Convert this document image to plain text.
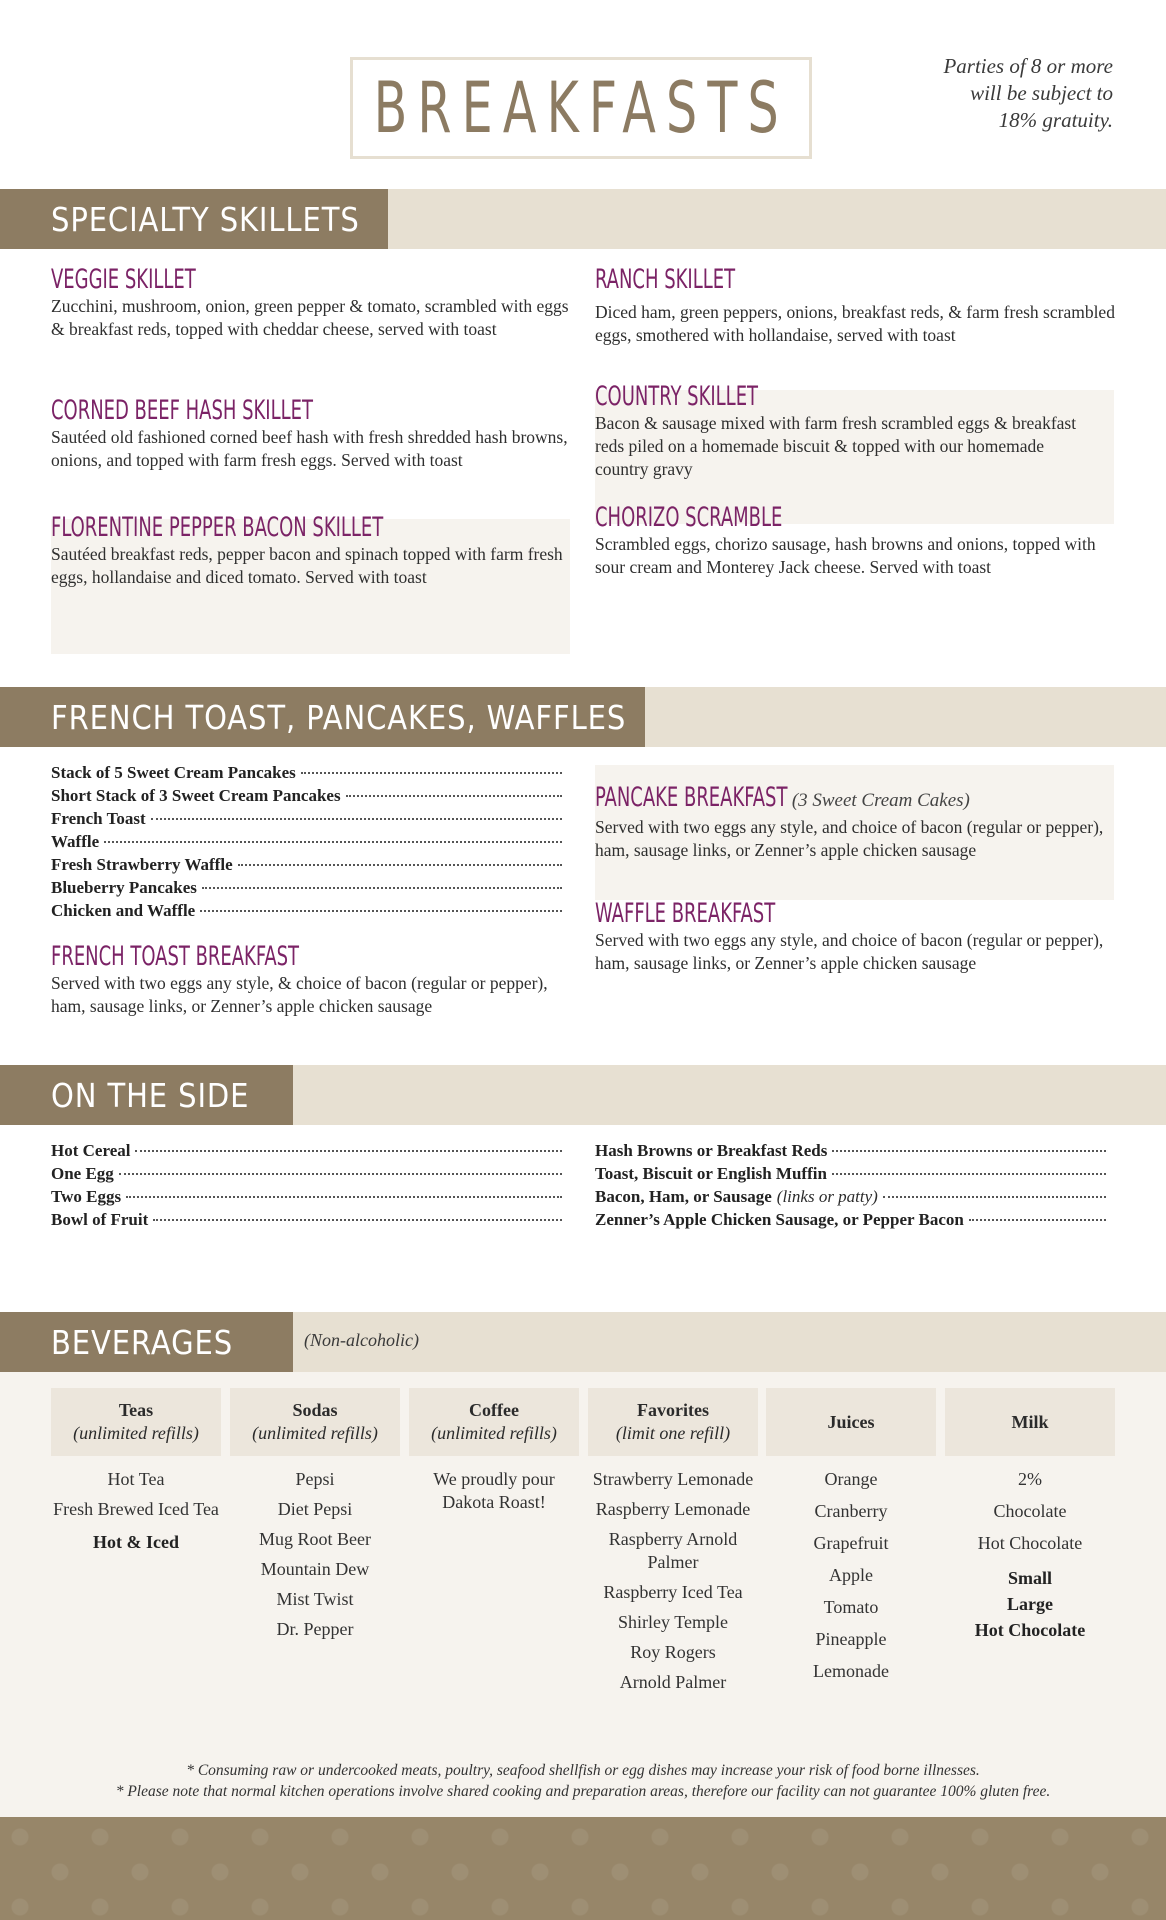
BREAKFASTS
Parties of 8 or more
will be subject to
18% gratuity.
SPECIALTY SKILLETS
VEGGIE SKILLET
Zucchini, mushroom, onion, green pepper & tomato, scrambled with eggs & breakfast reds, topped with cheddar cheese, served with toast
CORNED BEEF HASH SKILLET
Sautéed old fashioned corned beef hash with fresh shredded hash browns, onions, and topped with farm fresh eggs. Served with toast
FLORENTINE PEPPER BACON SKILLET
Sautéed breakfast reds, pepper bacon and spinach topped with farm fresh eggs, hollandaise and diced tomato. Served with toast
RANCH SKILLET
Diced ham, green peppers, onions, breakfast reds, & farm fresh scrambled eggs, smothered with hollandaise, served with toast
COUNTRY SKILLET
Bacon & sausage mixed with farm fresh scrambled eggs & breakfast reds piled on a homemade biscuit & topped with our homemade country gravy
CHORIZO SCRAMBLE
Scrambled eggs, chorizo sausage, hash browns and onions, topped with sour cream and Monterey Jack cheese. Served with toast
FRENCH TOAST, PANCAKES, WAFFLES
Stack of 5 Sweet Cream Pancakes
Short Stack of 3 Sweet Cream Pancakes
French Toast
Waffle
Fresh Strawberry Waffle
Blueberry Pancakes
Chicken and Waffle
FRENCH TOAST BREAKFAST
Served with two eggs any style, & choice of bacon (regular or pepper), ham, sausage links, or Zenner’s apple chicken sausage
PANCAKE BREAKFAST (3 Sweet Cream Cakes)
Served with two eggs any style, and choice of bacon (regular or pepper), ham, sausage links, or Zenner’s apple chicken sausage
WAFFLE BREAKFAST
Served with two eggs any style, and choice of bacon (regular or pepper), ham, sausage links, or Zenner’s apple chicken sausage
ON THE SIDE
Hot Cereal
One Egg
Two Eggs
Bowl of Fruit
Hash Browns or Breakfast Reds
Toast, Biscuit or English Muffin
Bacon, Ham, or Sausage (links or patty)
Zenner’s Apple Chicken Sausage, or Pepper Bacon
BEVERAGES	(Non-alcoholic)
Teas
(unlimited refills)
Hot Tea
Fresh Brewed Iced Tea
Hot & Iced
Sodas
(unlimited refills)
Pepsi
Diet Pepsi
Mug Root Beer
Mountain Dew
Mist Twist
Dr. Pepper
Coffee
(unlimited refills)
We proudly pour Dakota Roast!
Favorites
(limit one refill)
Strawberry Lemonade
Raspberry Lemonade
Raspberry Arnold Palmer
Raspberry Iced Tea
Shirley Temple
Roy Rogers
Arnold Palmer
Juices
Orange
Cranberry
Grapefruit
Apple
Tomato
Pineapple
Lemonade
Milk
2%
Chocolate
Hot Chocolate
Small
Large
Hot Chocolate
* Consuming raw or undercooked meats, poultry, seafood shellfish or egg dishes may increase your risk of food borne illnesses.
* Please note that normal kitchen operations involve shared cooking and preparation areas, therefore our facility can not guarantee 100% gluten free.
